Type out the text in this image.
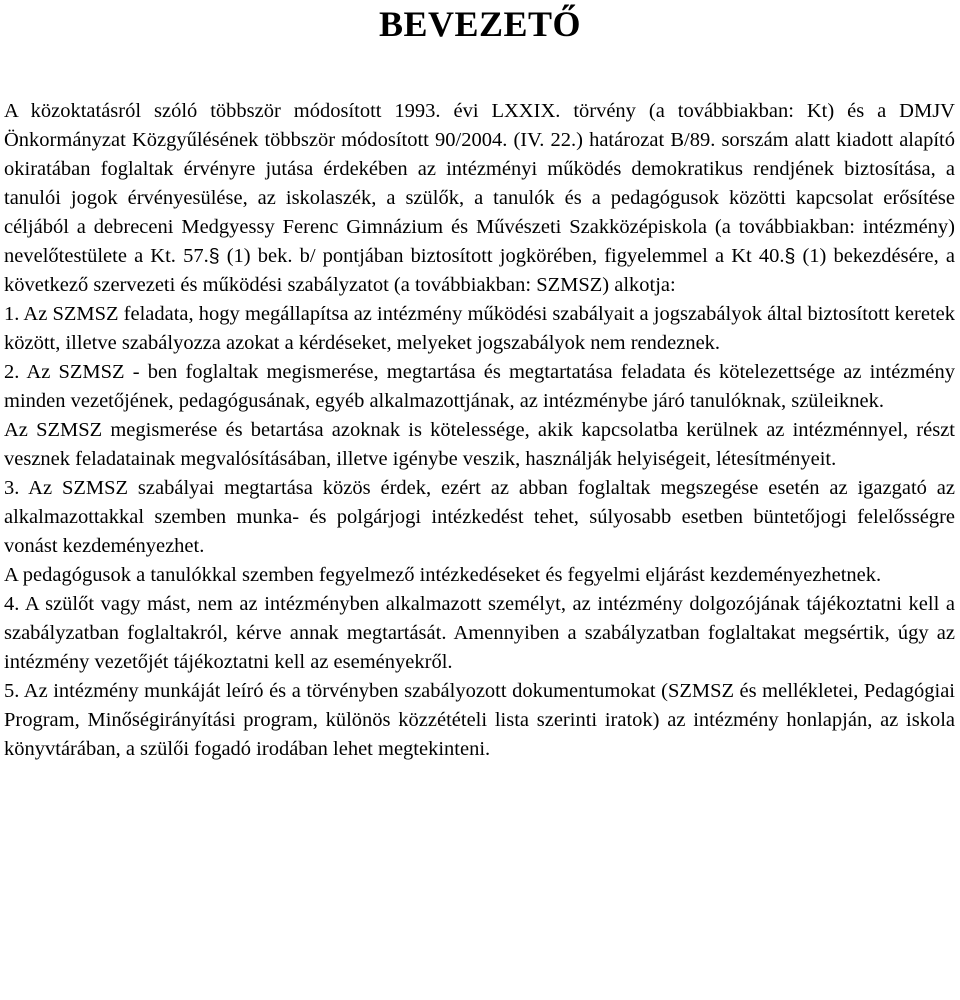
BEVEZETŐ

A közoktatásról szóló többször módosított 1993. évi LXXIX. törvény (a továbbiakban: Kt) és a DMJV Önkormányzat Közgyűlésének többször módosított 90/2004. (IV. 22.) határozat B/89. sorszám alatt kiadott alapító okiratában foglaltak érvényre jutása érdekében az intézményi működés demokratikus rendjének biztosítása, a tanulói jogok érvényesülése, az iskolaszék, a szülők, a tanulók és a pedagógusok közötti kapcsolat erősítése céljából a debreceni Medgyessy Ferenc Gimnázium és Művészeti Szakközépiskola (a továbbiakban: intézmény) nevelőtestülete a Kt. 57.§ (1) bek. b/ pontjában biztosított jogkörében, figyelemmel a Kt 40.§ (1) bekezdésére, a következő szervezeti és működési szabályzatot (a továbbiakban: SZMSZ) alkotja:

1. Az SZMSZ feladata, hogy megállapítsa az intézmény működési szabályait a jogszabályok által biztosított keretek között, illetve szabályozza azokat a kérdéseket, melyeket jogszabályok nem rendeznek.

2. Az SZMSZ - ben foglaltak megismerése, megtartása és megtartatása feladata és kötelezettsége az intézmény minden vezetőjének, pedagógusának, egyéb alkalmazottjának, az intézménybe járó tanulóknak, szüleiknek.

Az SZMSZ megismerése és betartása azoknak is kötelessége, akik kapcsolatba kerülnek az intézménnyel, részt vesznek feladatainak megvalósításában, illetve igénybe veszik, használják helyiségeit, létesítményeit.

3. Az SZMSZ szabályai megtartása közös érdek, ezért az abban foglaltak megszegése esetén az igazgató az alkalmazottakkal szemben munka- és polgárjogi intézkedést tehet, súlyosabb esetben büntetőjogi felelősségre vonást kezdeményezhet.

A pedagógusok a tanulókkal szemben fegyelmező intézkedéseket és fegyelmi eljárást kezdeményezhetnek.

4. A szülőt vagy mást, nem az intézményben alkalmazott személyt, az intézmény dolgozójának tájékoztatni kell a szabályzatban foglaltakról, kérve annak megtartását. Amennyiben a szabályzatban foglaltakat megsértik, úgy az intézmény vezetőjét tájékoztatni kell az eseményekről.

5. Az intézmény munkáját leíró és a törvényben szabályozott dokumentumokat (SZMSZ és mellékletei, Pedagógiai Program, Minőségirányítási program, különös közzétételi lista szerinti iratok) az intézmény honlapján, az iskola könyvtárában, a szülői fogadó irodában lehet megtekinteni.
